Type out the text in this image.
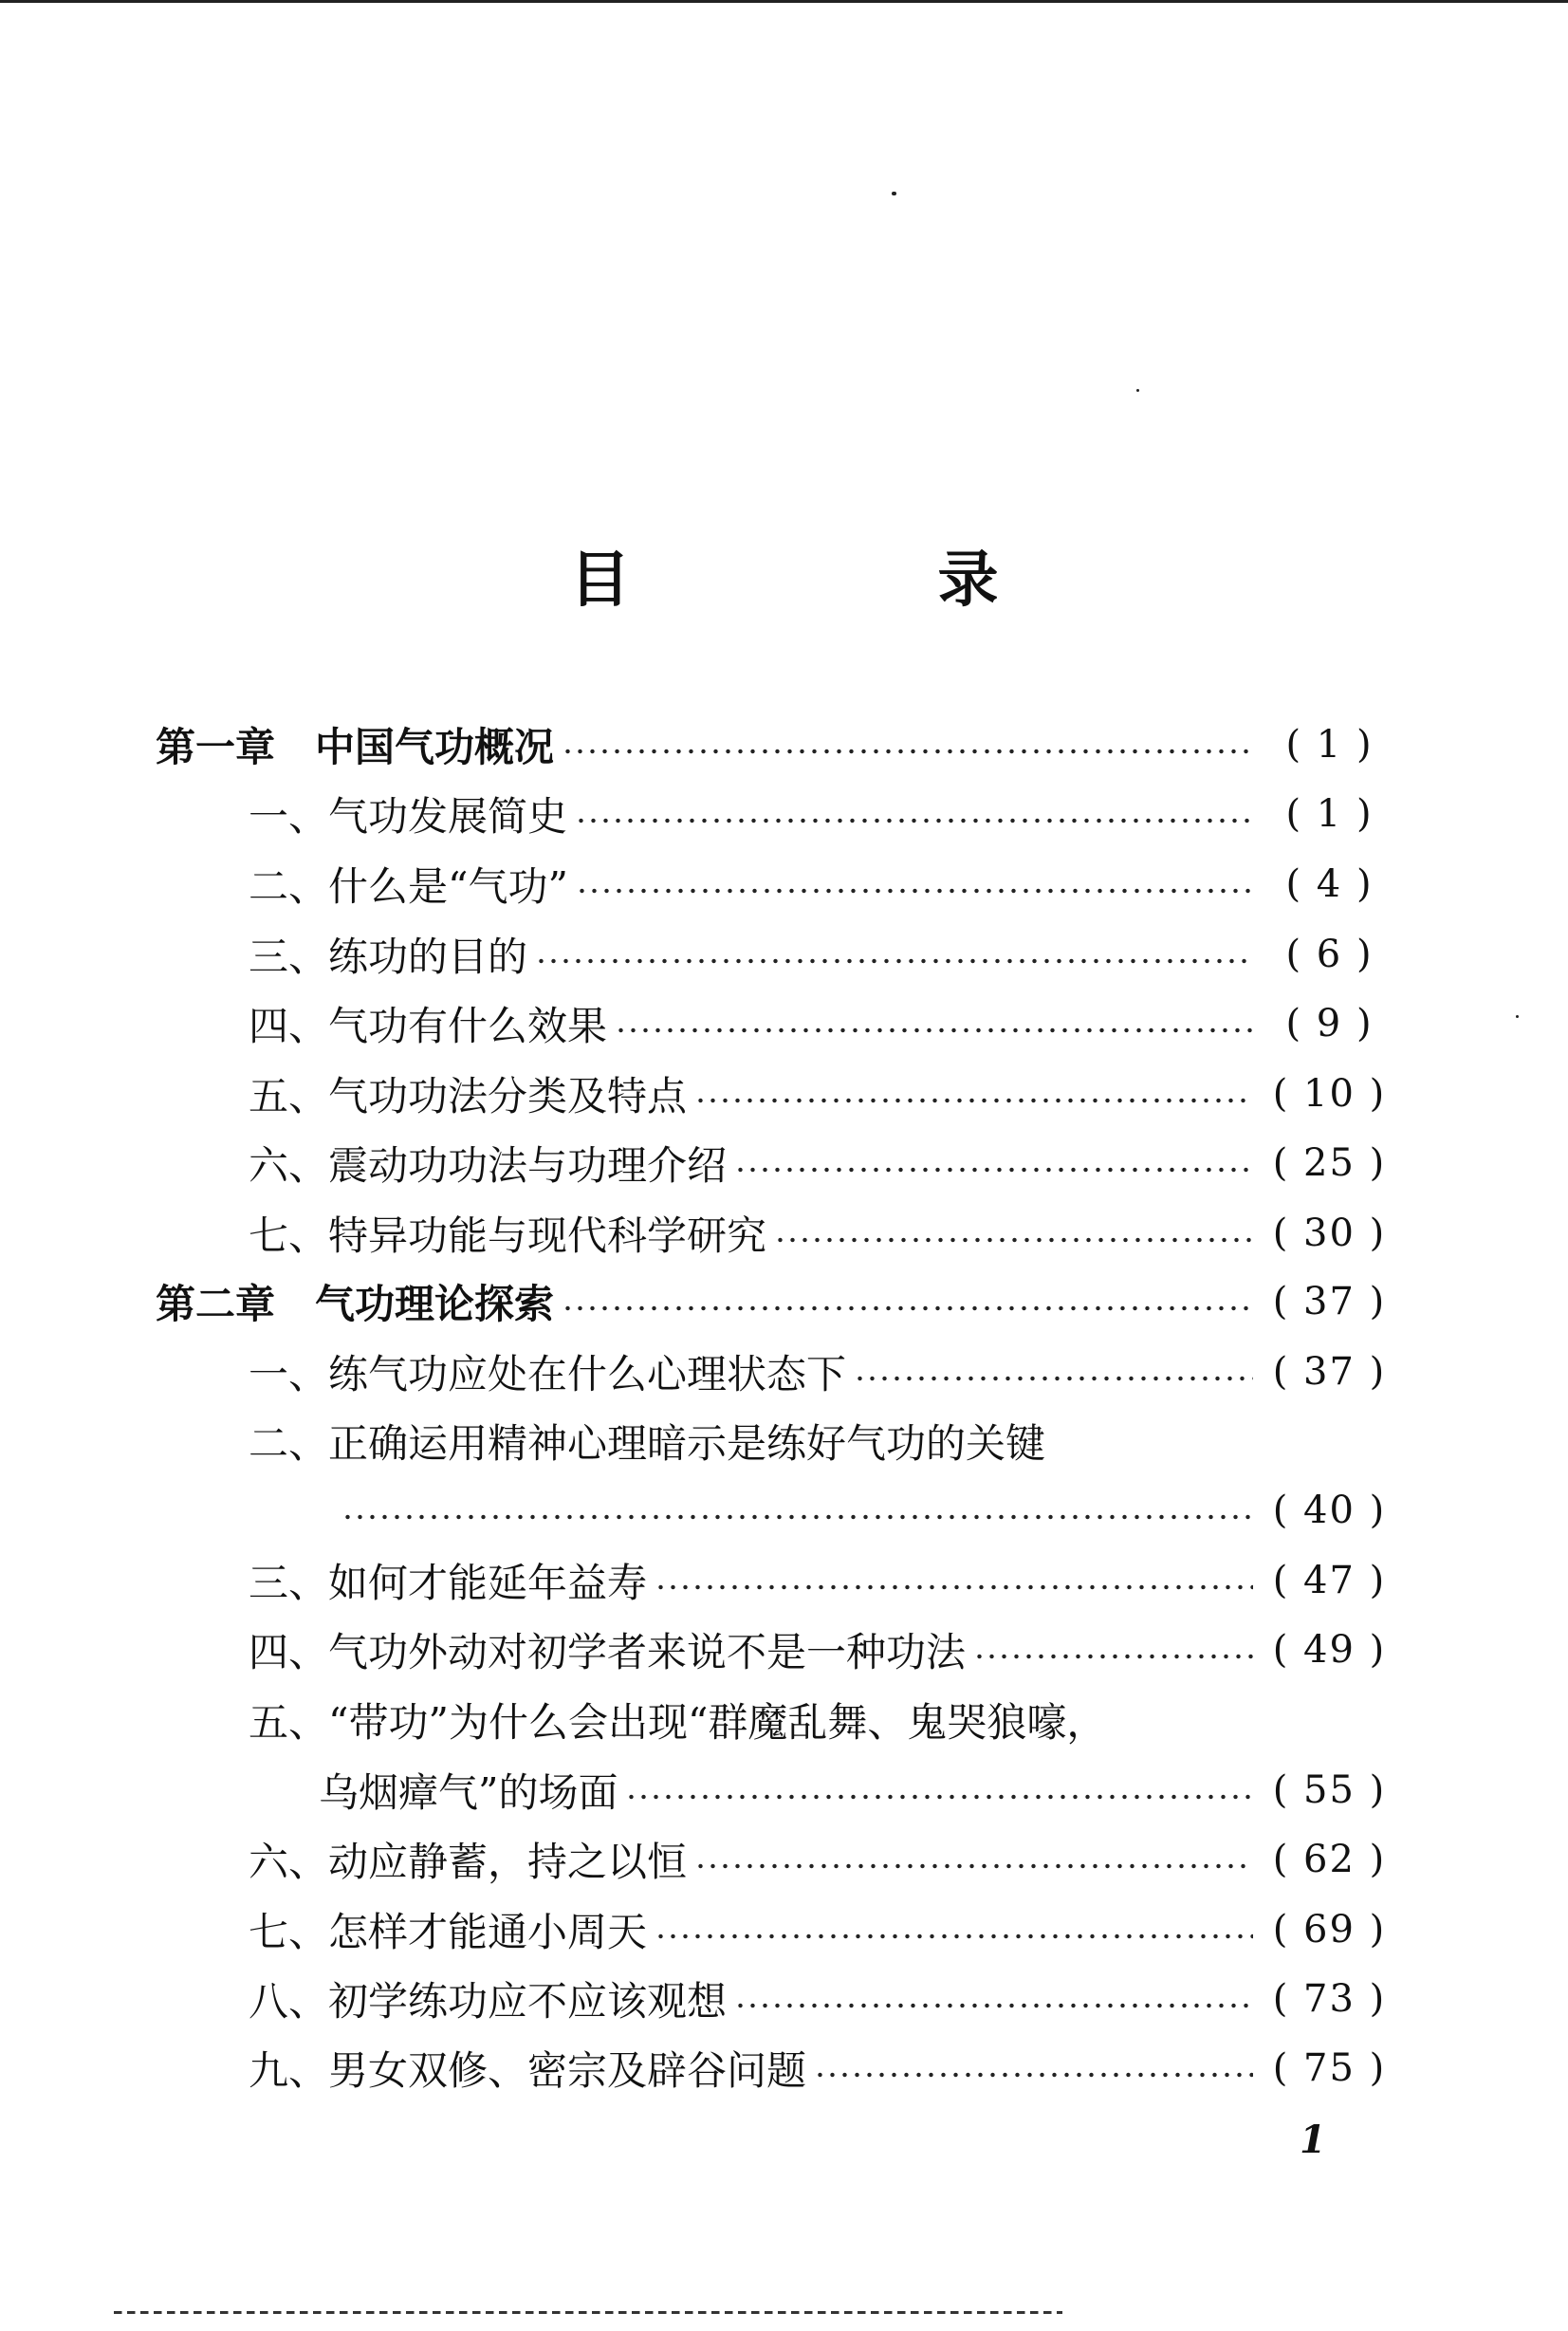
目　录
第一章　中国气功概况	( 1 )
一、气功发展简史	( 1 )
二、什么是“气功”	( 4 )
三、练功的目的	( 6 )
四、气功有什么效果	( 9 )
五、气功功法分类及特点	( 10 )
六、震动功功法与功理介绍	( 25 )
七、特异功能与现代科学研究	( 30 )
第二章　气功理论探索	( 37 )
一、练气功应处在什么心理状态下	( 37 )
二、正确运用精神心理暗示是练好气功的关键
( 40 )
三、如何才能延年益寿	( 47 )
四、气功外动对初学者来说不是一种功法	( 49 )
五、“带功”为什么会出现“群魔乱舞、鬼哭狼嚎，
乌烟瘴气”的场面	( 55 )
六、动应静蓄，持之以恒	( 62 )
七、怎样才能通小周天	( 69 )
八、初学练功应不应该观想	( 73 )
九、男女双修、密宗及辟谷问题	( 75 )
1
